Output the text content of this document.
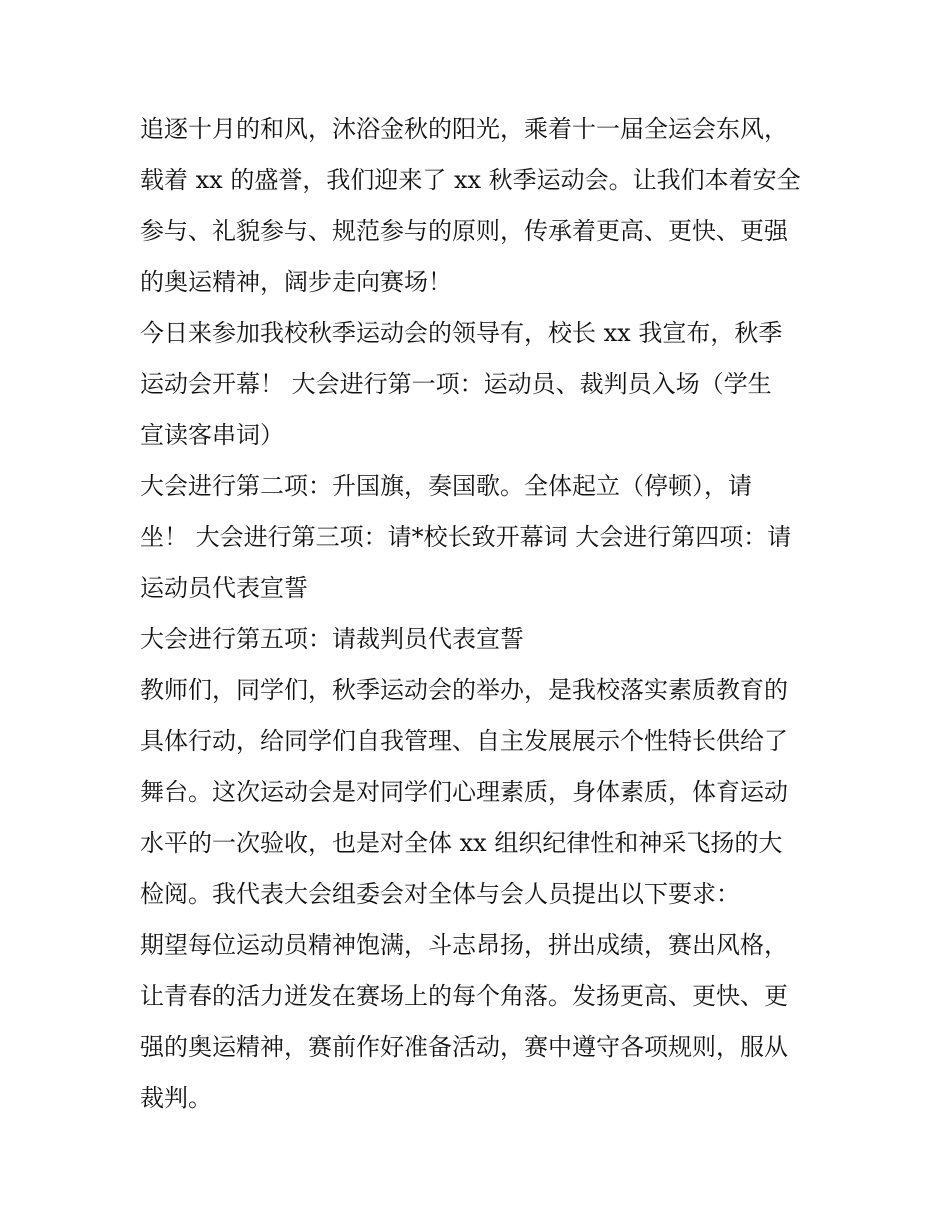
追逐十月的和风，沐浴金秋的阳光，乘着十一届全运会东风，
载着 xx 的盛誉，我们迎来了 xx 秋季运动会。让我们本着安全
参与、礼貌参与、规范参与的原则，传承着更高、更快、更强
的奥运精神，阔步走向赛场！
今日来参加我校秋季运动会的领导有，校长 xx 我宣布，秋季
运动会开幕！ 大会进行第一项：运动员、裁判员入场（学生
宣读客串词）
大会进行第二项：升国旗，奏国歌。全体起立（停顿），请
坐！ 大会进行第三项：请*校长致开幕词 大会进行第四项：请
运动员代表宣誓
大会进行第五项：请裁判员代表宣誓
教师们，同学们，秋季运动会的举办，是我校落实素质教育的
具体行动，给同学们自我管理、自主发展展示个性特长供给了
舞台。这次运动会是对同学们心理素质，身体素质，体育运动
水平的一次验收，也是对全体 xx 组织纪律性和神采飞扬的大
检阅。我代表大会组委会对全体与会人员提出以下要求：
期望每位运动员精神饱满，斗志昂扬，拼出成绩，赛出风格，
让青春的活力迸发在赛场上的每个角落。发扬更高、更快、更
强的奥运精神，赛前作好准备活动，赛中遵守各项规则，服从
裁判。
